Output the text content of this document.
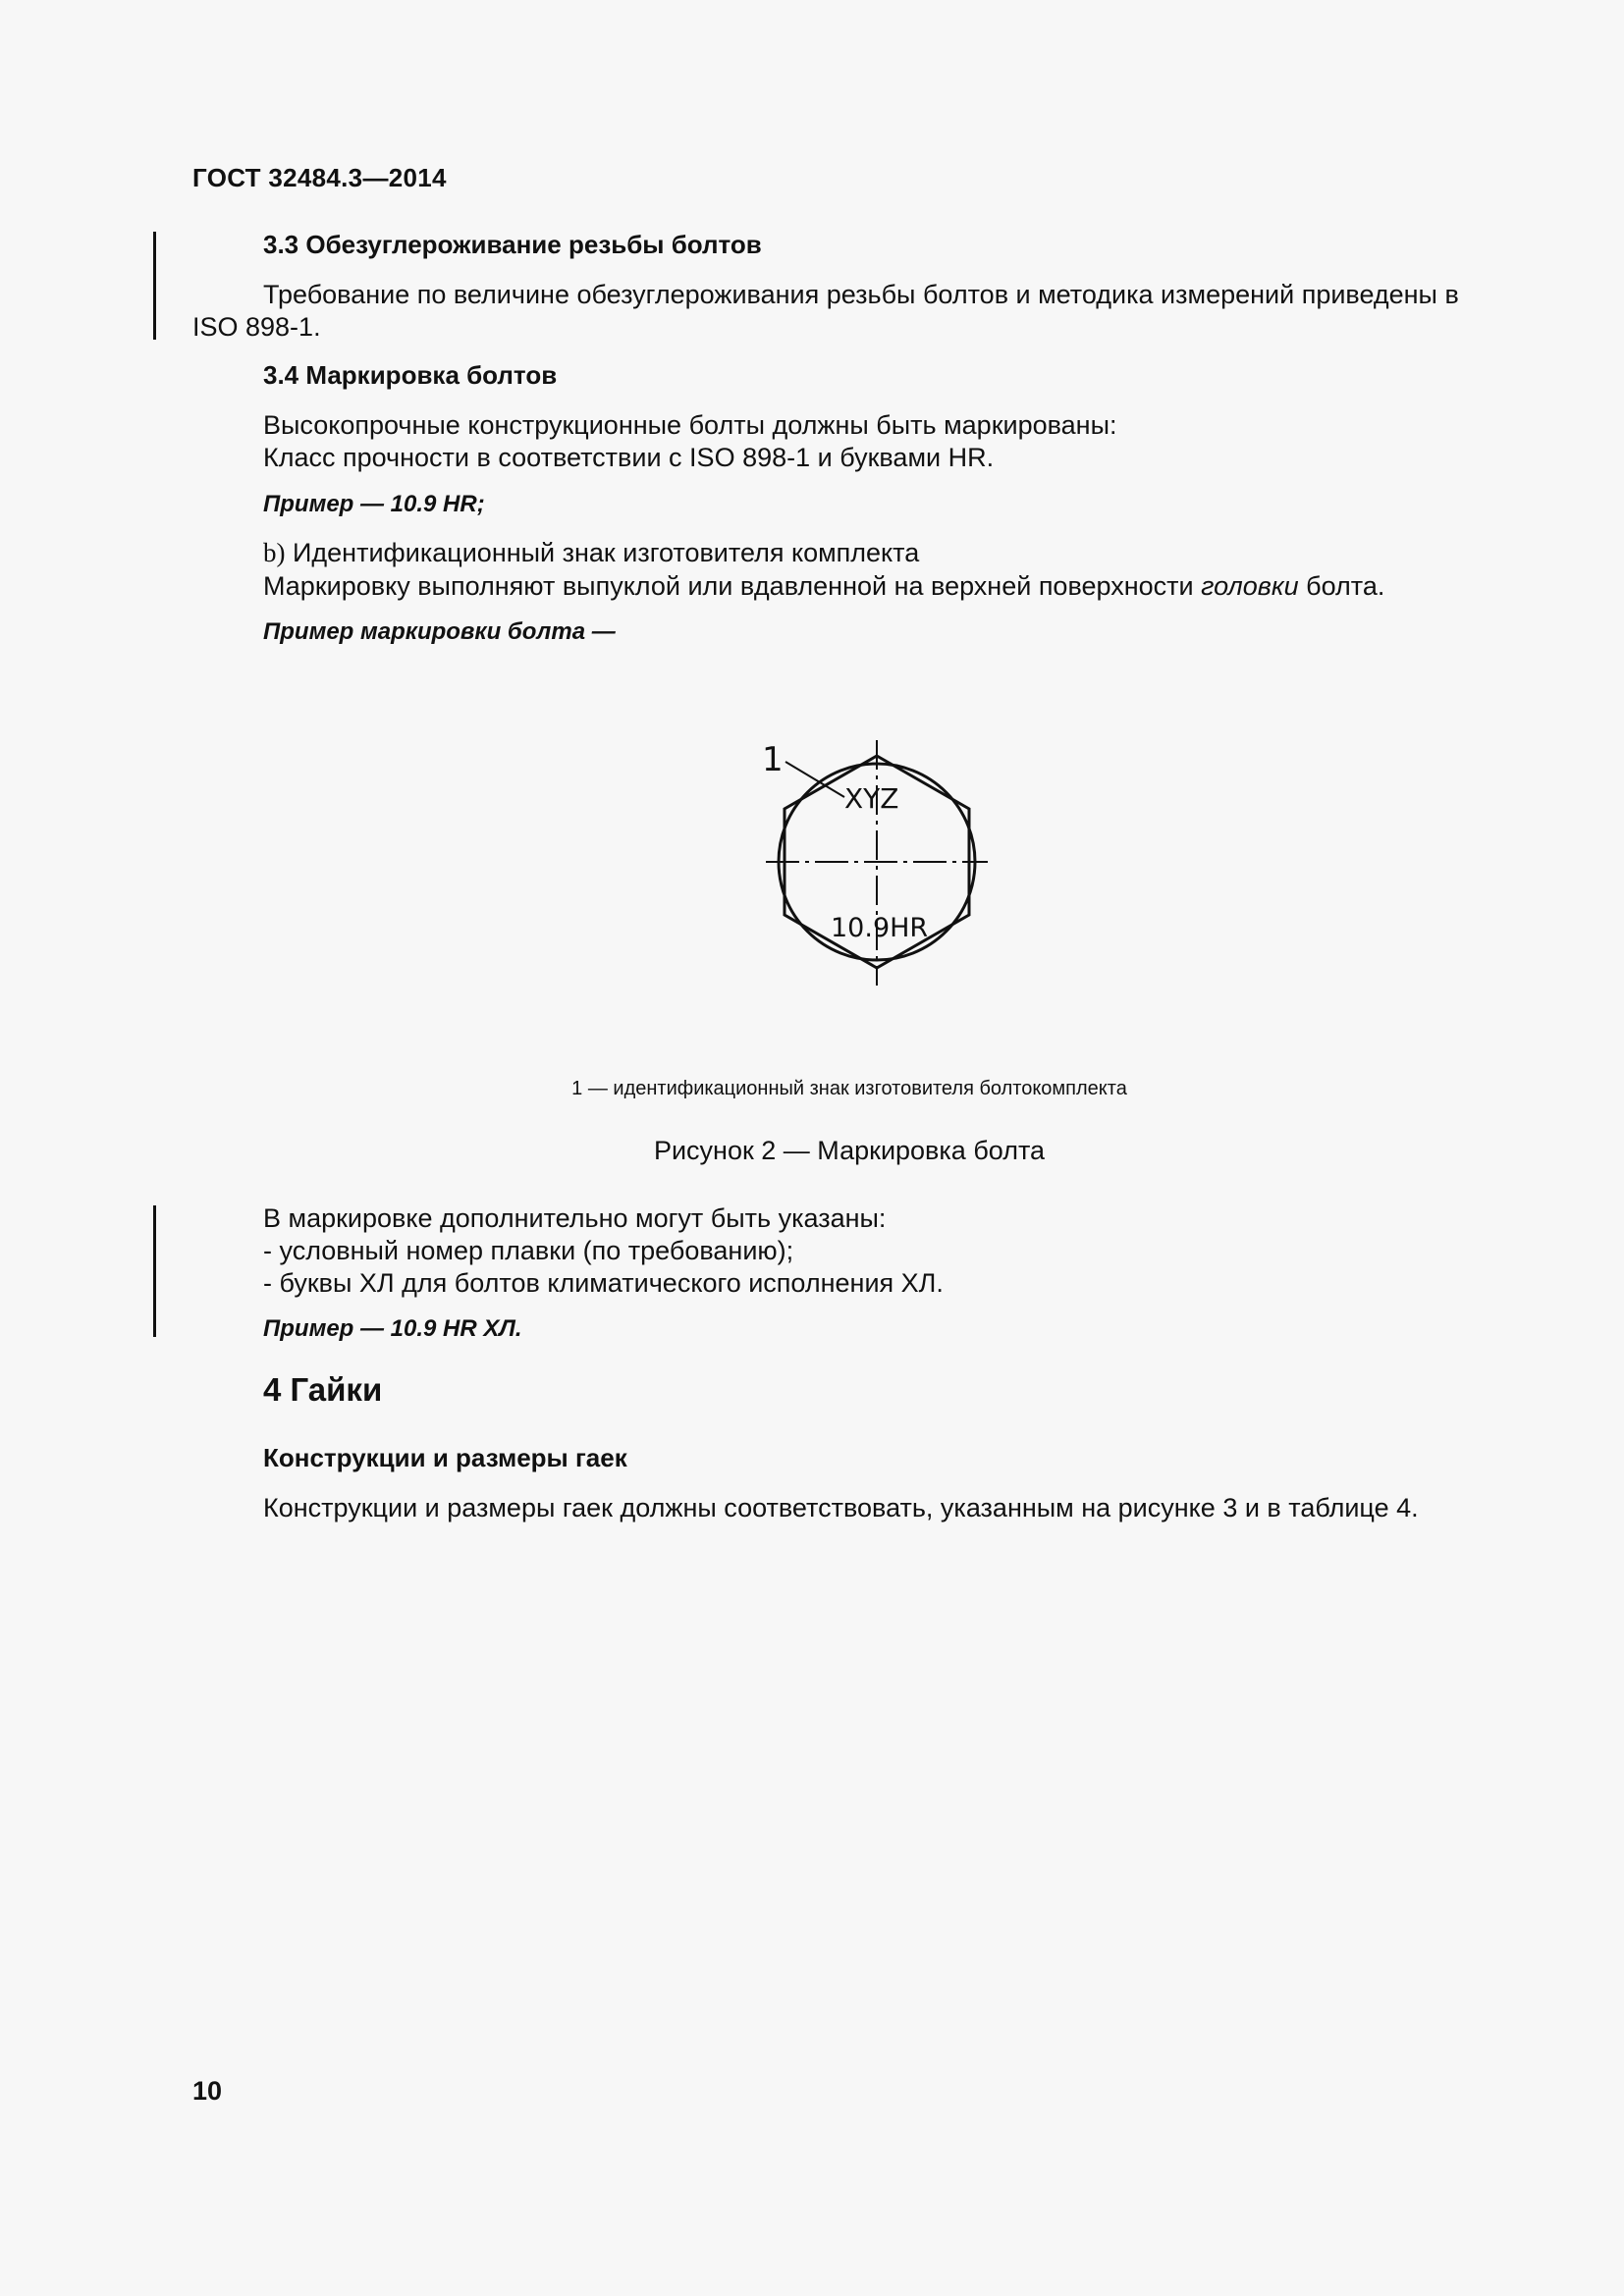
ГОСТ 32484.3—2014
3.3 Обезуглероживание резьбы болтов
Требование по величине обезуглероживания резьбы болтов и методика измерений приведены в
ISO 898-1.
3.4 Маркировка болтов
Высокопрочные конструкционные болты должны быть маркированы:
Класс прочности в соответствии с ISO 898-1 и буквами HR.
Пример — 10.9 HR;
b) Идентификационный знак изготовителя комплекта
Маркировку выполняют выпуклой или вдавленной на верхней поверхности головки болта.
Пример маркировки болта —
1
XYZ
10.9HR
1 — идентификационный знак изготовителя болтокомплекта
Рисунок 2 — Маркировка болта
В маркировке дополнительно могут быть указаны:
- условный номер плавки (по требованию);
- буквы ХЛ для болтов климатического исполнения ХЛ.
Пример — 10.9 HR ХЛ.
4 Гайки
Конструкции и размеры гаек
Конструкции и размеры гаек должны соответствовать, указанным на рисунке 3 и в таблице 4.
10
